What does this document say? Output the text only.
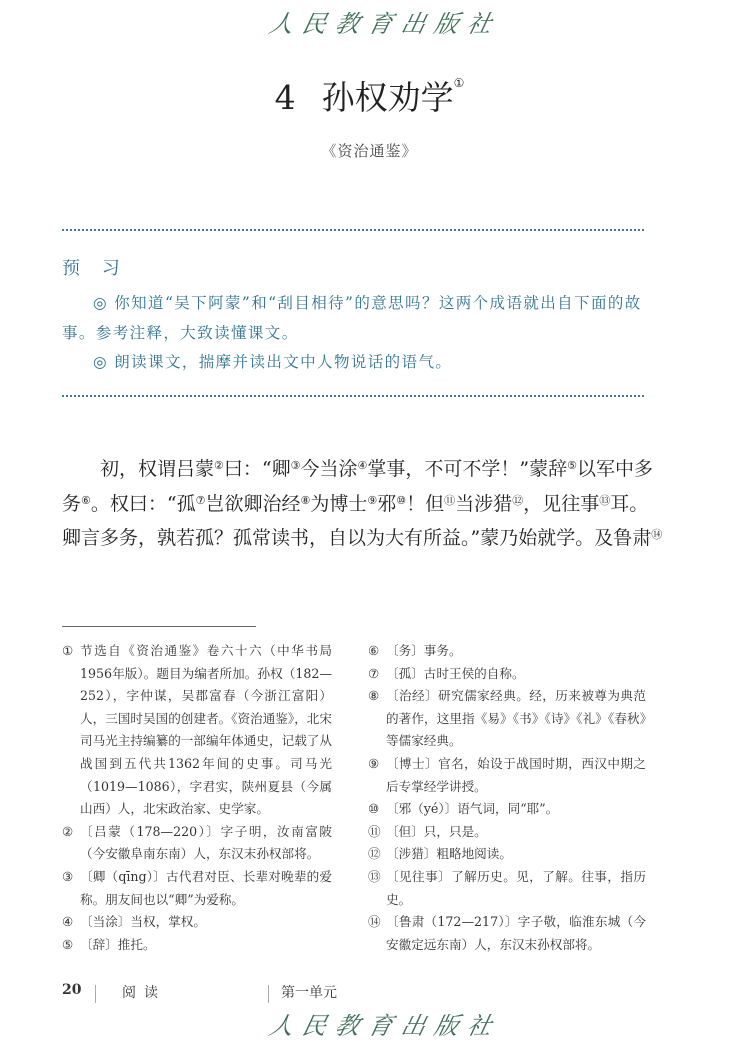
人民教育出版社
4 孙权劝学①
《资治通鉴》
预 习

◎ 你知道“吴下阿蒙”和“刮目相待”的意思吗？这两个成语就出自下面的故事。参考注释，大致读懂课文。

◎ 朗读课文，揣摩并读出文中人物说话的语气。

初，权谓吕蒙②曰：“卿③今当涂④掌事，不可不学！”蒙辞⑤以军中多
务⑥。权曰：“孤⑦岂欲卿治经⑧为博士⑨邪⑩！但⑪当涉猎⑫，见往事⑬耳。
卿言多务，孰若孤？孤常读书，自以为大有所益。”蒙乃始就学。及鲁肃⑭
① 节选自《资治通鉴》卷六十六（中华书局1956年版）。题目为编者所加。孙权（182—252），字仲谋，吴郡富春（今浙江富阳）人，三国时吴国的创建者。《资治通鉴》，北宋司马光主持编纂的一部编年体通史，记载了从战国到五代共1362年间的史事。司马光（1019—1086），字君实，陕州夏县（今属山西）人，北宋政治家、史学家。
② 〔吕蒙（178—220）〕字子明，汝南富陂（今安徽阜南东南）人，东汉末孙权部将。
③ 〔卿（qīng）〕古代君对臣、长辈对晚辈的爱称。朋友间也以“卿”为爱称。
④ 〔当涂〕当权，掌权。
⑤ 〔辞〕推托。
⑥ 〔务〕事务。
⑦ 〔孤〕古时王侯的自称。
⑧ 〔治经〕研究儒家经典。经，历来被尊为典范的著作，这里指《易》《书》《诗》《礼》《春秋》等儒家经典。
⑨ 〔博士〕官名，始设于战国时期，西汉中期之后专掌经学讲授。
⑩ 〔邪（yé）〕语气词，同“耶”。
⑪ 〔但〕只，只是。
⑫ 〔涉猎〕粗略地阅读。
⑬ 〔见往事〕了解历史。见，了解。往事，指历史。
⑭ 〔鲁肃（172—217）〕字子敬，临淮东城（今安徽定远东南）人，东汉末孙权部将。
20	阅读	第一单元
人民教育出版社
